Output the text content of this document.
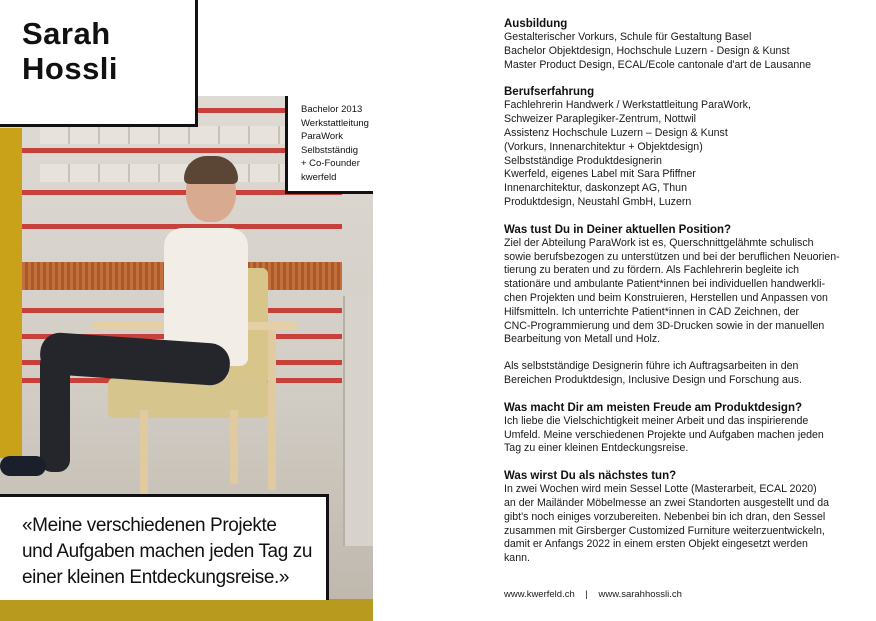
Sarah
Hossli
Bachelor 2013
Werkstattleitung
ParaWork
Selbstständig
+ Co-Founder
kwerfeld
«Meine verschiedenen Projekte
und Aufgaben machen jeden Tag zu
einer kleinen Entdeckungsreise.»
Ausbildung
Gestalterischer Vorkurs, Schule für Gestaltung Basel
Bachelor Objektdesign, Hochschule Luzern - Design & Kunst
Master Product Design, ECAL/Ecole cantonale d'art de Lausanne
Berufserfahrung
Fachlehrerin Handwerk / Werkstattleitung ParaWork,
Schweizer Paraplegiker-Zentrum, Nottwil
Assistenz Hochschule Luzern – Design & Kunst
(Vorkurs, Innenarchitektur + Objektdesign)
Selbstständige Produktdesignerin
Kwerfeld, eigenes Label mit Sara Pfiffner
Innenarchitektur, daskonzept AG, Thun
Produktdesign, Neustahl GmbH, Luzern
Was tust Du in Deiner aktuellen Position?
Ziel der Abteilung ParaWork ist es, Querschnittgelähmte schulisch
sowie berufsbezogen zu unterstützen und bei der beruflichen Neuorien-
tierung zu beraten und zu fördern. Als Fachlehrerin begleite ich
stationäre und ambulante Patient*innen bei individuellen handwerkli-
chen Projekten und beim Konstruieren, Herstellen und Anpassen von
Hilfsmitteln. Ich unterrichte Patient*innen in CAD Zeichnen, der
CNC-Programmierung und dem 3D-Drucken sowie in der manuellen
Bearbeitung von Metall und Holz.
Als selbstständige Designerin führe ich Auftragsarbeiten in den
Bereichen Produktdesign, Inclusive Design und Forschung aus.
Was macht Dir am meisten Freude am Produktdesign?
Ich liebe die Vielschichtigkeit meiner Arbeit und das inspirierende
Umfeld. Meine verschiedenen Projekte und Aufgaben machen jeden
Tag zu einer kleinen Entdeckungsreise.
Was wirst Du als nächstes tun?
In zwei Wochen wird mein Sessel Lotte (Masterarbeit, ECAL 2020)
an der Mailänder Möbelmesse an zwei Standorten ausgestellt und da
gibt's noch einiges vorzubereiten. Nebenbei bin ich dran, den Sessel
zusammen mit Girsberger Customized Furniture weiterzuentwickeln,
damit er Anfangs 2022 in einem ersten Objekt eingesetzt werden
kann.
www.kwerfeld.ch | www.sarahhossli.ch
